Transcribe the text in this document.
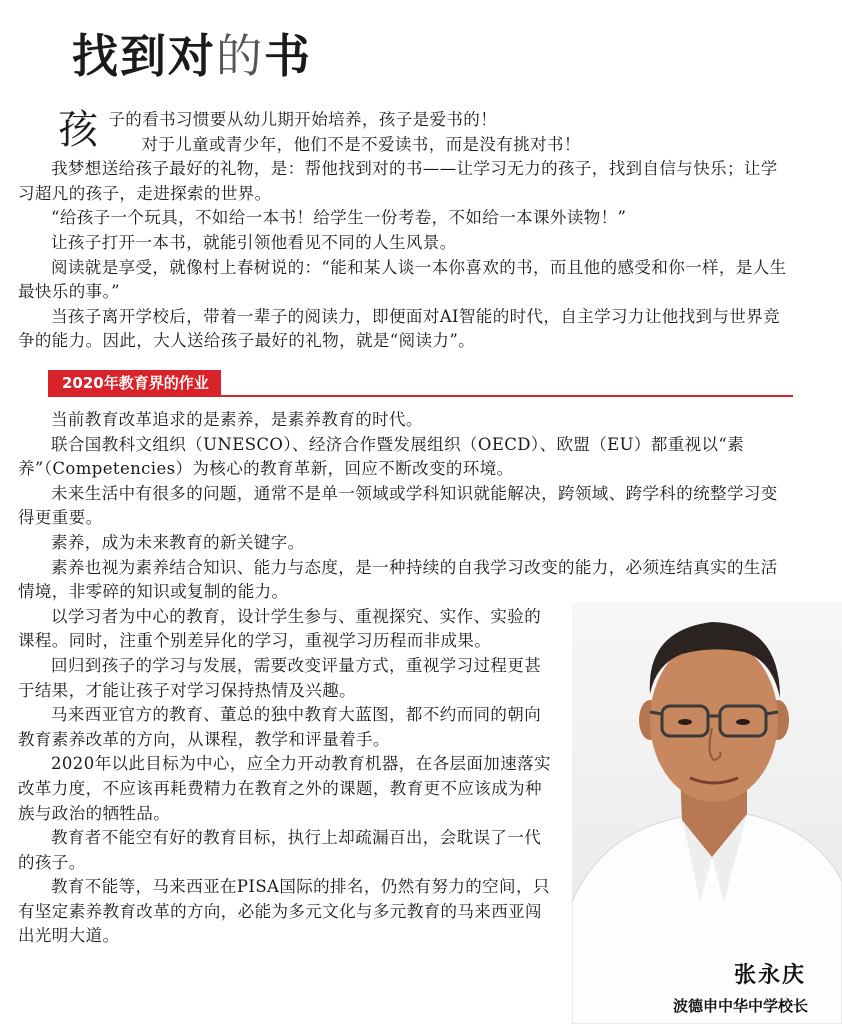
找到对的书
孩 子的看书习惯要从幼儿期开始培养，孩子是爱书的！

对于儿童或青少年，他们不是不爱读书，而是没有挑对书！

我梦想送给孩子最好的礼物，是：帮他找到对的书——让学习无力的孩子，找到自信与快乐；让学习超凡的孩子，走进探索的世界。

“给孩子一个玩具，不如给一本书！给学生一份考卷，不如给一本课外读物！”

让孩子打开一本书，就能引领他看见不同的人生风景。

阅读就是享受，就像村上春树说的：“能和某人谈一本你喜欢的书，而且他的感受和你一样，是人生最快乐的事。”

当孩子离开学校后，带着一辈子的阅读力，即便面对AI智能的时代，自主学习力让他找到与世界竞争的能力。因此，大人送给孩子最好的礼物，就是“阅读力”。

2020年教育界的作业

当前教育改革追求的是素养，是素养教育的时代。

联合国教科文组织（UNESCO）、经济合作暨发展组织（OECD）、欧盟（EU）都重视以“素养”（Competencies）为核心的教育革新，回应不断改变的环境。

未来生活中有很多的问题，通常不是单一领域或学科知识就能解决，跨领域、跨学科的统整学习变得更重要。

素养，成为未来教育的新关键字。

素养也视为素养结合知识、能力与态度，是一种持续的自我学习改变的能力，必须连结真实的生活情境，非零碎的知识或复制的能力。

以学习者为中心的教育，设计学生参与、重视探究、实作、实验的课程。同时，注重个别差异化的学习，重视学习历程而非成果。

回归到孩子的学习与发展，需要改变评量方式，重视学习过程更甚于结果，才能让孩子对学习保持热情及兴趣。

马来西亚官方的教育、董总的独中教育大蓝图，都不约而同的朝向教育素养改革的方向，从课程，教学和评量着手。

2020年以此目标为中心，应全力开动教育机器，在各层面加速落实改革力度，不应该再耗费精力在教育之外的课题，教育更不应该成为种族与政治的牺牲品。

教育者不能空有好的教育目标，执行上却疏漏百出，会耽误了一代的孩子。

教育不能等，马来西亚在PISA国际的排名，仍然有努力的空间，只有坚定素养教育改革的方向，必能为多元文化与多元教育的马来西亚闯出光明大道。

张永庆
波德申中华中学校长
